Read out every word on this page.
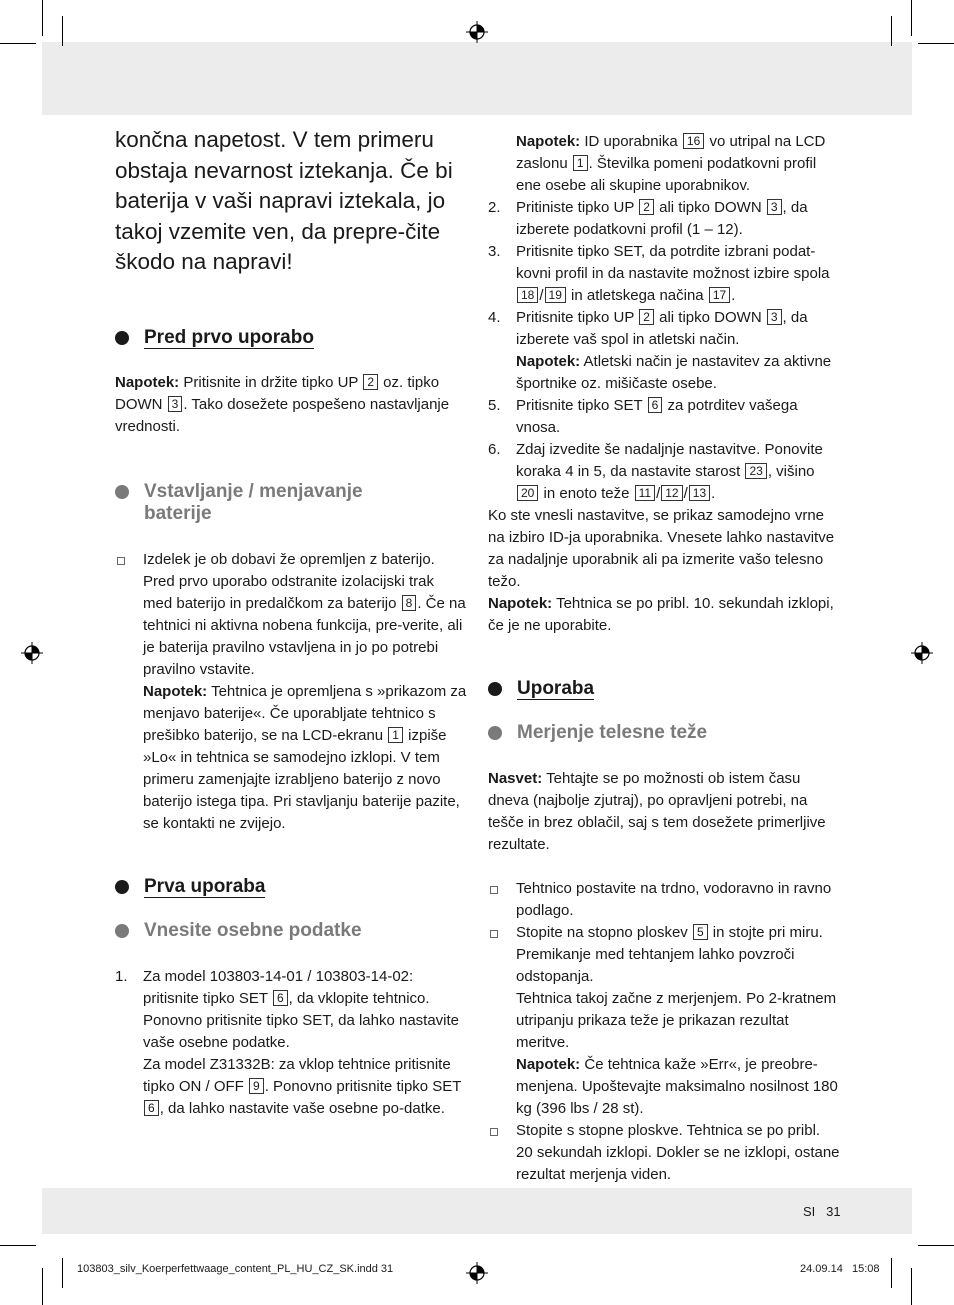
končna napetost. V tem primeru obstaja nevarnost iztekanja. Če bi baterija v vaši napravi iztekala, jo takoj vzemite ven, da prepre-čite škodo na napravi!

Pred prvo uporabo

Napotek: Pritisnite in držite tipko UP 2 oz. tipko DOWN 3 . Tako dosežete pospešeno nastavljanje vrednosti.

Vstavljanje / menjavanje
baterije

Izdelek je ob dobavi že opremljen z baterijo. Pred prvo uporabo odstranite izolacijski trak med baterijo in predalčkom za baterijo 8 . Če na tehtnici ni aktivna nobena funkcija, pre-verite, ali je baterija pravilno vstavljena in jo po potrebi pravilno vstavite.

Napotek: Tehtnica je opremljena s »prikazom za menjavo baterije«. Če uporabljate tehtnico s prešibko baterijo, se na LCD-ekranu 1 izpiše »Lo« in tehtnica se samodejno izklopi. V tem primeru zamenjajte izrabljeno baterijo z novo baterijo istega tipa. Pri stavljanju baterije pazite, se kontakti ne zvijejo.

Prva uporaba
Vnesite osebne podatke
1. Za model 103803-14-01 / 103803-14-02: pritisnite tipko SET 6 , da vklopite tehtnico. Ponovno pritisnite tipko SET, da lahko nastavite vaše osebne podatke.

Za model Z31332B: za vklop tehtnice pritisnite tipko ON / OFF 9 . Ponovno pritisnite tipko SET 6 , da lahko nastavite vaše osebne po-datke.

Napotek: ID uporabnika 16 vo utripal na LCD zaslonu 1 . Številka pomeni podatkovni profil ene osebe ali skupine uporabnikov.

2. Pritiniste tipko UP 2 ali tipko DOWN 3 , da izberete podatkovni profil (1 – 12).

3. Pritisnite tipko SET, da potrdite izbrani podat-kovni profil in da nastavite možnost izbire spola 18 / 19 in atletskega načina 17 .

4. Pritisnite tipko UP 2 ali tipko DOWN 3 , da izberete vaš spol in atletski način.

Napotek: Atletski način je nastavitev za aktivne športnike oz. mišičaste osebe.

5. Pritisnite tipko SET 6 za potrditev vašega vnosa.

6. Zdaj izvedite še nadaljnje nastavitve. Ponovite koraka 4 in 5, da nastavite starost 23 , višino 20 in enoto teže 11 / 12 / 13 .

Ko ste vnesli nastavitve, se prikaz samodejno vrne na izbiro ID-ja uporabnika. Vnesete lahko nastavitve za nadaljnje uporabnik ali pa izmerite vašo telesno težo.

Napotek: Tehtnica se po pribl. 10. sekundah izklopi, če je ne uporabite.

Uporaba
Merjenje telesne teže

Nasvet: Tehtajte se po možnosti ob istem času dneva (najbolje zjutraj), po opravljeni potrebi, na tešče in brez oblačil, saj s tem dosežete primerljive rezultate.

Tehtnico postavite na trdno, vodoravno in ravno podlago.

Stopite na stopno ploskev 5 in stojte pri miru. Premikanje med tehtanjem lahko povzroči odstopanja.

Tehtnica takoj začne z merjenjem. Po 2-kratnem utripanju prikaza teže je prikazan rezultat meritve.

Napotek: Če tehtnica kaže »Err«, je preobre-menjena. Upoštevajte maksimalno nosilnost 180 kg (396 lbs / 28 st).

Stopite s stopne ploskve. Tehtnica se po pribl. 20 sekundah izklopi. Dokler se ne izklopi, ostane rezultat merjenja viden.

SI 31
103803_silv_Koerperfettwaage_content_PL_HU_CZ_SK.indd 31	24.09.14 15:08
